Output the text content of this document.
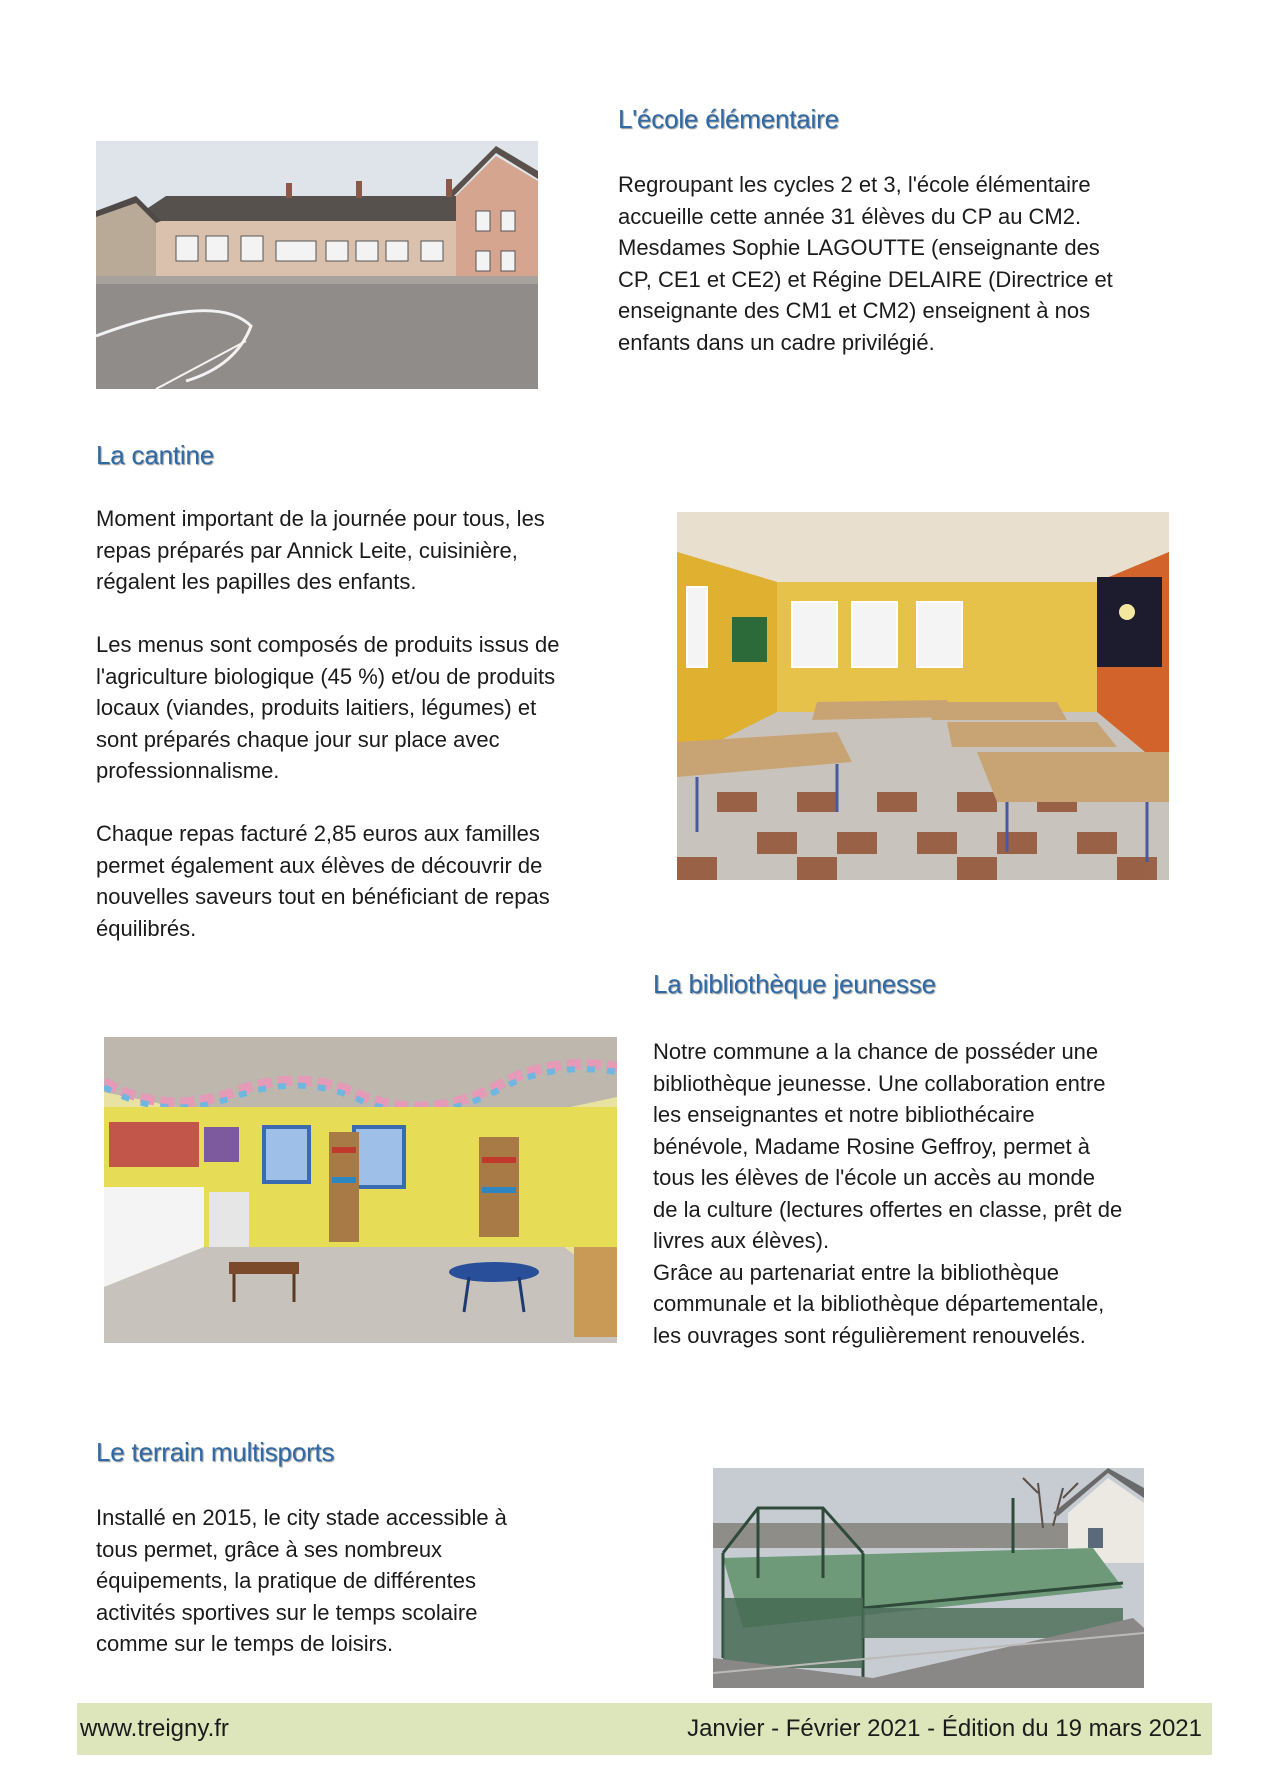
L'école élémentaire

Regroupant les cycles 2 et 3, l'école élémentaire
accueille cette année 31 élèves du CP au CM2.
Mesdames Sophie LAGOUTTE (enseignante des
CP, CE1 et CE2) et Régine DELAIRE (Directrice et
enseignante des CM1 et CM2) enseignent à nos
enfants dans un cadre privilégié.

La cantine

Moment important de la journée pour tous, les
repas préparés par Annick Leite, cuisinière,
régalent les papilles des enfants.

Les menus sont composés de produits issus de
l'agriculture biologique (45 %) et/ou de produits
locaux (viandes, produits laitiers, légumes) et
sont préparés chaque jour sur place avec
professionnalisme.

Chaque repas facturé 2,85 euros aux familles
permet également aux élèves de découvrir de
nouvelles saveurs tout en bénéficiant de repas
équilibrés.

La bibliothèque jeunesse

Notre commune a la chance de posséder une
bibliothèque jeunesse. Une collaboration entre
les enseignantes et notre bibliothécaire
bénévole, Madame Rosine Geffroy, permet à
tous les élèves de l'école un accès au monde
de la culture (lectures offertes en classe, prêt de
livres aux élèves).
Grâce au partenariat entre la bibliothèque
communale et la bibliothèque départementale,
les ouvrages sont régulièrement renouvelés.

Le terrain multisports

Installé en 2015, le city stade accessible à
tous permet, grâce à ses nombreux
équipements, la pratique de différentes
activités sportives sur le temps scolaire
comme sur le temps de loisirs.

www.treigny.fr	Janvier - Février 2021 - Édition du 19 mars 2021
